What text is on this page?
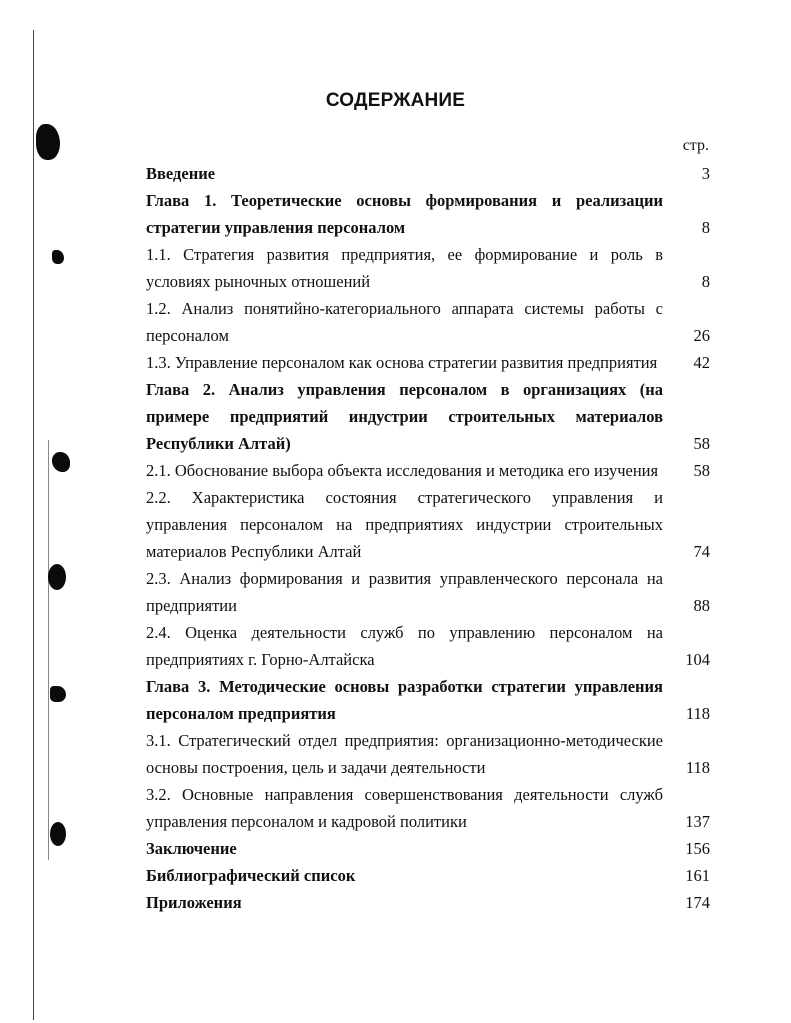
СОДЕРЖАНИЕ
стр.
Введение	3
Глава 1. Теоретические основы формирования и реализации стратегии управления персоналом	8
1.1. Стратегия развития предприятия, ее формирование и роль в условиях рыночных отношений	8
1.2. Анализ понятийно-категориального аппарата системы работы с персоналом	26
1.3. Управление персоналом как основа стратегии развития предприятия	42
Глава 2. Анализ управления персоналом в организациях (на примере предприятий индустрии строительных материалов Республики Алтай)	58
2.1. Обоснование выбора объекта исследования и методика его изучения 58
2.2. Характеристика состояния стратегического управления и управления персоналом на предприятиях индустрии строительных материалов Республики Алтай	74
2.3. Анализ формирования и развития управленческого персонала на предприятии	88
2.4. Оценка деятельности служб по управлению персоналом на предприятиях г. Горно-Алтайска	104
Глава 3. Методические основы разработки стратегии управления персоналом предприятия	118
3.1. Стратегический отдел предприятия: организационно-методические основы построения, цель и задачи деятельности	118
3.2. Основные направления совершенствования деятельности служб управления персоналом и кадровой политики	137
Заключение	156
Библиографический список	161
Приложения	174
